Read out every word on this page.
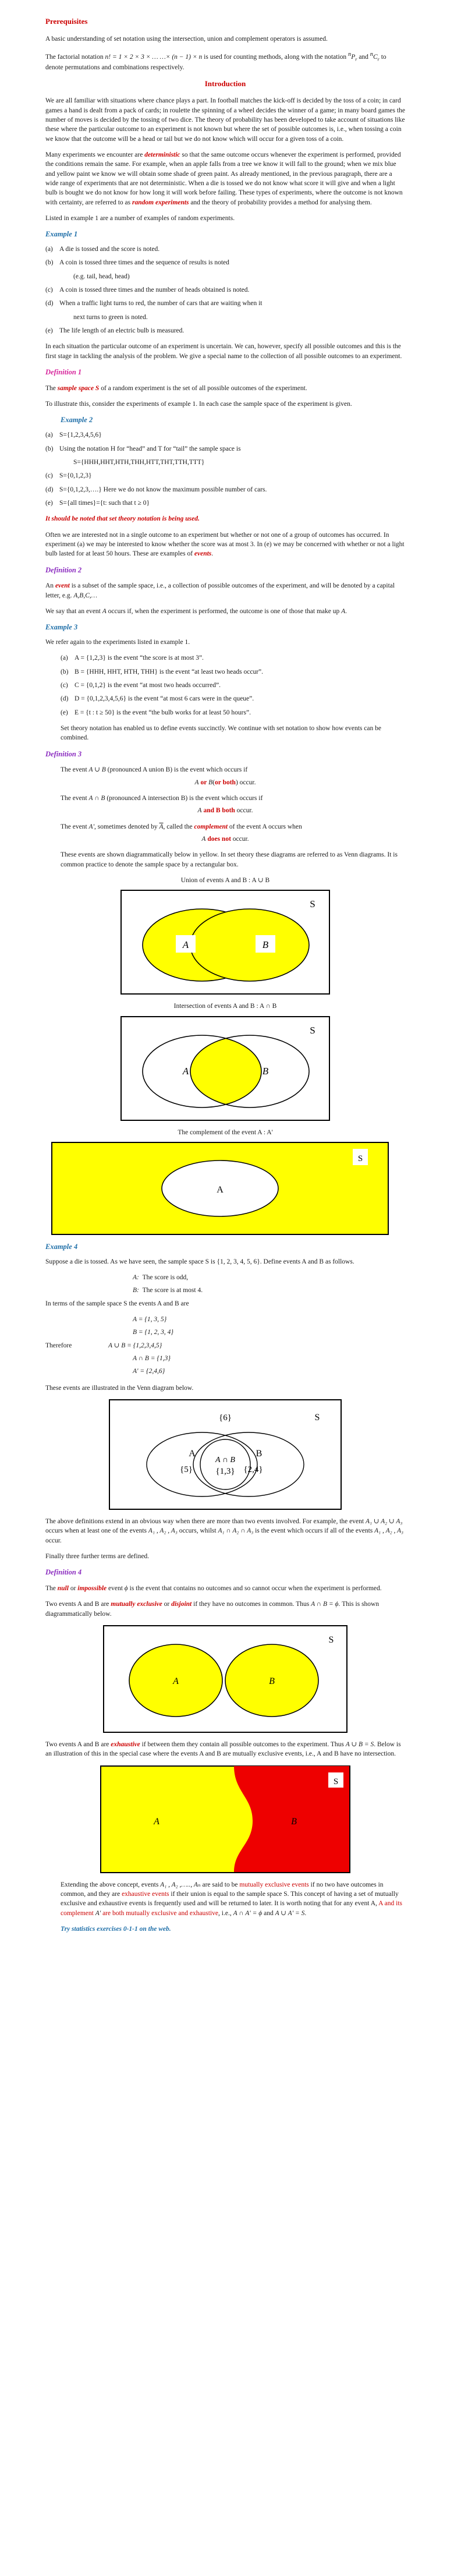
Prerequisites

A basic understanding of set notation using the intersection, union and complement operators is assumed.

The factorial notation n! = 1 × 2 × 3 × … …× (n − 1) × n is used for counting methods, along with the notation $^nP_r$ and $^nC_r$ to denote permutations and combinations respectively.

Introduction

We are all familiar with situations where chance plays a part. In football matches the kick-off is decided by the toss of a coin; in card games a hand is dealt from a pack of cards; in roulette the spinning of a wheel decides the winner of a game; in many board games the number of moves is decided by the tossing of two dice. The theory of probability has been developed to take account of situations like these where the particular outcome to an experiment is not known but where the set of possible outcomes is, i.e., when tossing a coin we know that the outcome will be a head or tail but we do not know which will occur for a given toss of a coin.

Many experiments we encounter are deterministic so that the same outcome occurs whenever the experiment is performed, provided the conditions remain the same. For example, when an apple falls from a tree we know it will fall to the ground; when we mix blue and yellow paint we know we will obtain some shade of green paint. As already mentioned, in the previous paragraph, there are a wide range of experiments that are not deterministic. When a die is tossed we do not know what score it will give and when a light bulb is bought we do not know for how long it will work before failing. These types of experiments, where the outcome is not known with certainty, are referred to as random experiments and the theory of probability provides a method for analysing them.

Listed in example 1 are a number of examples of random experiments.

Example 1
(a) A die is tossed and the score is noted.
(b) A coin is tossed three times and the sequence of results is noted
(e.g. tail, head, head)
(c) A coin is tossed three times and the number of heads obtained is noted.
(d) When a traffic light turns to red, the number of cars that are waiting when it
next turns to green is noted.
(e) The life length of an electric bulb is measured.

In each situation the particular outcome of an experiment is uncertain. We can, however, specify all possible outcomes and this is the first stage in tackling the analysis of the problem. We give a special name to the collection of all possible outcomes to an experiment.

Definition 1

The sample space S of a random experiment is the set of all possible outcomes of the experiment.

To illustrate this, consider the experiments of example 1. In each case the sample space of the experiment is given.

Example 2
(a) S={1,2,3,4,5,6}
(b) Using the notation H for “head” and T for “tail” the sample space is
S={HHH,HHT,HTH,THH,HTT,THT,TTH,TTT}
(c) S={0,1,2,3}
(d) S={0,1,2,3,….} Here we do not know the maximum possible number of cars.
(e) S={all times}={t: such that t ≥ 0}
It should be noted that set theory notation is being used.

Often we are interested not in a single outcome to an experiment but whether or not one of a group of outcomes has occurred. In experiment (a) we may be interested to know whether the score was at most 3. In (e) we may be concerned with whether or not a light bulb lasted for at least 50 hours. These are examples of events.

Definition 2

An event is a subset of the sample space, i.e., a collection of possible outcomes of the experiment, and will be denoted by a capital letter, e.g. A,B,C,…

We say that an event A occurs if, when the experiment is performed, the outcome is one of those that make up A.

Example 3

We refer again to the experiments listed in example 1.

(a) A = {1,2,3} is the event “the score is at most 3”.
(b) B = {HHH, HHT, HTH, THH} is the event “at least two heads occur”.
(c) C = {0,1,2} is the event “at most two heads occurred”.
(d) D = {0,1,2,3,4,5,6} is the event “at most 6 cars were in the queue”.
(e) E = {t : t ≥ 50} is the event “the bulb works for at least 50 hours”.

Set theory notation has enabled us to define events succinctly. We continue with set notation to show how events can be combined.

Definition 3

The event A ∪ B (pronounced A union B) is the event which occurs if

A or B(or both) occur.

The event A ∩ B (pronounced A intersection B) is the event which occurs if

A and B both occur.

The event A', sometimes denoted by $\overline{A}$, called the complement of the event A occurs when

A does not occur.

These events are shown diagrammatically below in yellow. In set theory these diagrams are referred to as Venn diagrams. It is common practice to denote the sample space by a rectangular box.

Union of events A and B : A ∪ B
A	B
S
Intersection of events A and B : A ∩ B
A	B
S
The complement of the event A : A'
A
S
Example 4

Suppose a die is tossed. As we have seen, the sample space S is {1, 2, 3, 4, 5, 6}. Define events A and B as follows.

A: The score is odd,
B: The score is at most 4.

In terms of the sample space S the events A and B are

A = {1, 3, 5}
B = {1, 2, 3, 4}
Therefore	A ∪ B = {1,2,3,4,5}
A ∩ B = {1,3}
A' = {2,4,6}

These events are illustrated in the Venn diagram below.

{6}	S
A	B
{5}	{2,4}
A ∩ B
{1,3}

The above definitions extend in an obvious way when there are more than two events involved. For example, the event A₁ ∪ A₂ ∪ A₃ occurs when at least one of the events A₁ , A₂ , A₃ occurs, whilst A₁ ∩ A₂ ∩ A₃ is the event which occurs if all of the events A₁ , A₂ , A₃ occur.

Finally three further terms are defined.

Definition 4

The null or impossible event ϕ is the event that contains no outcomes and so cannot occur when the experiment is performed.

Two events A and B are mutually exclusive or disjoint if they have no outcomes in common. Thus A ∩ B = ϕ. This is shown diagrammatically below.

A	B
S

Two events A and B are exhaustive if between them they contain all possible outcomes to the experiment. Thus A ∪ B = S. Below is an illustration of this in the special case where the events A and B are mutually exclusive events, i.e., A and B have no intersection.

A	B
S

Extending the above concept, events A₁ , A₂ ,….., Aₙ are said to be mutually exclusive events if no two have outcomes in common, and they are exhaustive events if their union is equal to the sample space S. This concept of having a set of mutually exclusive and exhaustive events is frequently used and will be returned to later. It is worth noting that for any event A, A and its complement A' are both mutually exclusive and exhaustive, i.e., A ∩ A' = ϕ and A ∪ A' = S.

Try statistics exercises 0-1-1 on the web.
